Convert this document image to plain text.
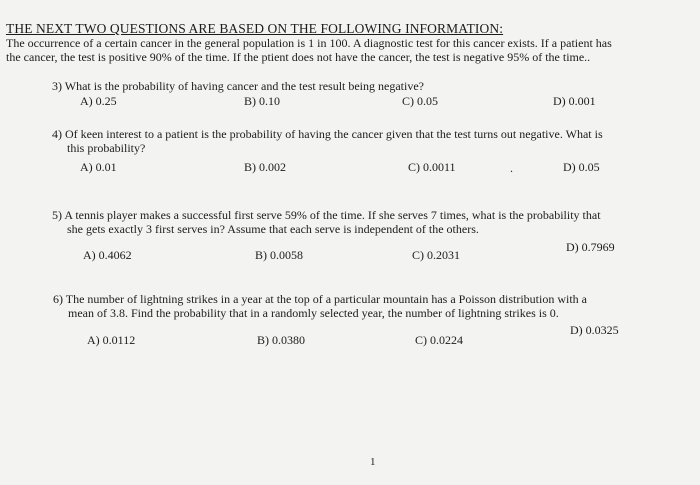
THE NEXT TWO QUESTIONS ARE BASED ON THE FOLLOWING INFORMATION:
The occurrence of a certain cancer in the general population is 1 in 100. A diagnostic test for this cancer exists. If a patient has
the cancer, the test is positive 90% of the time. If the ptient does not have the cancer, the test is negative 95% of the time..
3) What is the probability of having cancer and the test result being negative?
A) 0.25	B) 0.10	C) 0.05	D) 0.001
4) Of keen interest to a patient is the probability of having the cancer given that the test turns out negative. What is
this probability?
A) 0.01	B) 0.002	C) 0.0011	D) 0.05
.
5) A tennis player makes a successful first serve 59% of the time. If she serves 7 times, what is the probability that
she gets exactly 3 first serves in? Assume that each serve is independent of the others.
D) 0.7969
A) 0.4062	B) 0.0058	C) 0.2031
6) The number of lightning strikes in a year at the top of a particular mountain has a Poisson distribution with a
mean of 3.8. Find the probability that in a randomly selected year, the number of lightning strikes is 0.
D) 0.0325
A) 0.0112	B) 0.0380	C) 0.0224
1
